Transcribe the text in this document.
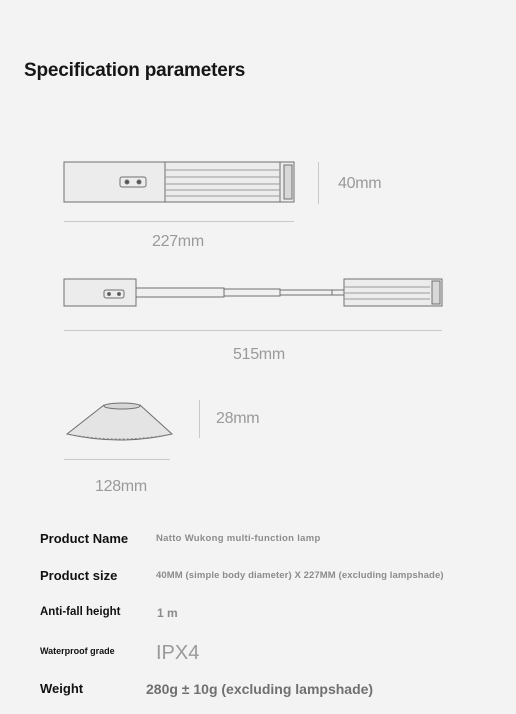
Specification parameters
40mm
227mm
515mm
28mm
128mm
Product Name	Natto Wukong multi-function lamp
Product size	40MM (simple body diameter) X 227MM (excluding lampshade)
Anti-fall height	1 m
Waterproof grade IPX4
Weight	280g ± 10g (excluding lampshade)
